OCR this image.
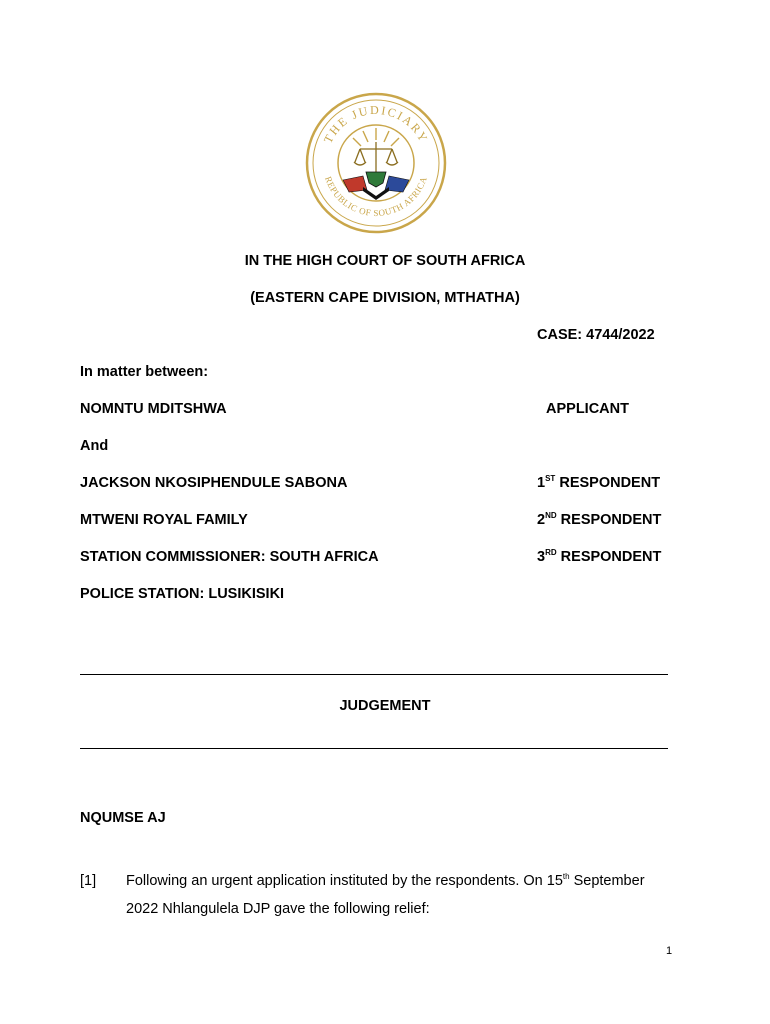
THE JUDICIARY
REPUBLIC OF SOUTH AFRICA
IN THE HIGH COURT OF SOUTH AFRICA
(EASTERN CAPE DIVISION, MTHATHA)
CASE: 4744/2022
In matter between:
NOMNTU MDITSHWA	APPLICANT
And
JACKSON NKOSIPHENDULE SABONA	1ST RESPONDENT
MTWENI ROYAL FAMILY	2ND RESPONDENT
STATION COMMISSIONER: SOUTH AFRICA	3RD RESPONDENT
POLICE STATION: LUSIKISIKI
JUDGEMENT
NQUMSE AJ
[1] Following an urgent application instituted by the respondents. On 15th September
2022 Nhlangulela DJP gave the following relief:
1
